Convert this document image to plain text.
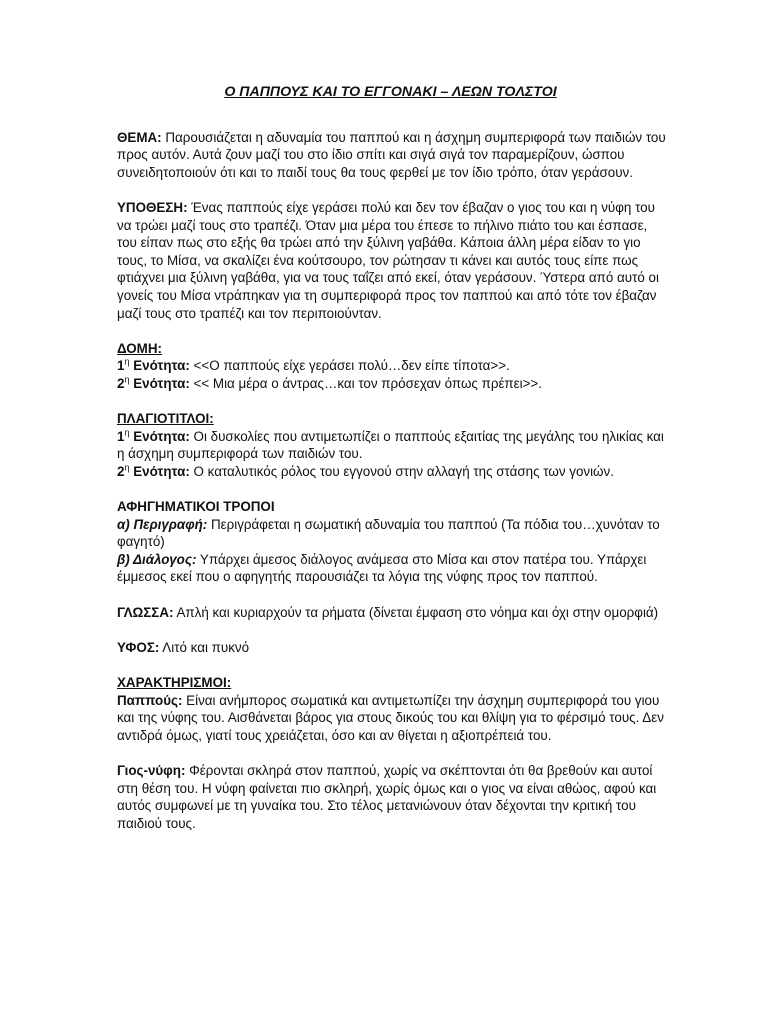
Ο ΠΑΠΠΟΥΣ ΚΑΙ ΤΟ ΕΓΓΟΝΑΚΙ – ΛΕΩΝ ΤΟΛΣΤΟΙ

ΘΕΜΑ: Παρουσιάζεται η αδυναμία του παππού και η άσχημη συμπεριφορά των παιδιών του προς αυτόν. Αυτά ζουν μαζί του στο ίδιο σπίτι και σιγά σιγά τον παραμερίζουν, ώσπου συνειδητοποιούν ότι και το παιδί τους θα τους φερθεί με τον ίδιο τρόπο, όταν γεράσουν.

ΥΠΟΘΕΣΗ: Ένας παππούς είχε γεράσει πολύ και δεν τον έβαζαν ο γιος του και η νύφη του να τρώει μαζί τους στο τραπέζι. Όταν μια μέρα του έπεσε το πήλινο πιάτο του και έσπασε, του είπαν πως στο εξής θα τρώει από την ξύλινη γαβάθα. Κάποια άλλη μέρα είδαν το γιο τους, το Μίσα, να σκαλίζει ένα κούτσουρο, τον ρώτησαν τι κάνει και αυτός τους είπε πως φτιάχνει μια ξύλινη γαβάθα, για να τους ταΐζει από εκεί, όταν γεράσουν. Ύστερα από αυτό οι γονείς του Μίσα ντράπηκαν για τη συμπεριφορά προς τον παππού και από τότε τον έβαζαν μαζί τους στο τραπέζι και τον περιποιούνταν.

ΔΟΜΗ:

$1^\eta$ Ενότητα: <<Ο παππούς είχε γεράσει πολύ…δεν είπε τίποτα>>.

$2^\eta$ Ενότητα: << Μια μέρα ο άντρας…και τον πρόσεχαν όπως πρέπει>>.

ΠΛΑΓΙΟΤΙΤΛΟΙ:

$1^\eta$ Ενότητα: Οι δυσκολίες που αντιμετωπίζει ο παππούς εξαιτίας της μεγάλης του ηλικίας και η άσχημη συμπεριφορά των παιδιών του.

$2^\eta$ Ενότητα: Ο καταλυτικός ρόλος του εγγονού στην αλλαγή της στάσης των γονιών.

ΑΦΗΓΗΜΑΤΙΚΟΙ ΤΡΟΠΟΙ

α) Περιγραφή: Περιγράφεται η σωματική αδυναμία του παππού (Τα πόδια του…χυνόταν το φαγητό)

β) Διάλογος: Υπάρχει άμεσος διάλογος ανάμεσα στο Μίσα και στον πατέρα του. Υπάρχει έμμεσος εκεί που ο αφηγητής παρουσιάζει τα λόγια της νύφης προς τον παππού.

ΓΛΩΣΣΑ: Απλή και κυριαρχούν τα ρήματα (δίνεται έμφαση στο νόημα και όχι στην ομορφιά)

ΥΦΟΣ: Λιτό και πυκνό

ΧΑΡΑΚΤΗΡΙΣΜΟΙ:

Παππούς: Είναι ανήμπορος σωματικά και αντιμετωπίζει την άσχημη συμπεριφορά του γιου και της νύφης του. Αισθάνεται βάρος για στους δικούς του και θλίψη για το φέρσιμό τους. Δεν αντιδρά όμως, γιατί τους χρειάζεται, όσο και αν θίγεται η αξιοπρέπειά του.

Γιος-νύφη: Φέρονται σκληρά στον παππού, χωρίς να σκέπτονται ότι θα βρεθούν και αυτοί στη θέση του. Η νύφη φαίνεται πιο σκληρή, χωρίς όμως και ο γιος να είναι αθώος, αφού και αυτός συμφωνεί με τη γυναίκα του. Στο τέλος μετανιώνουν όταν δέχονται την κριτική του παιδιού τους.
